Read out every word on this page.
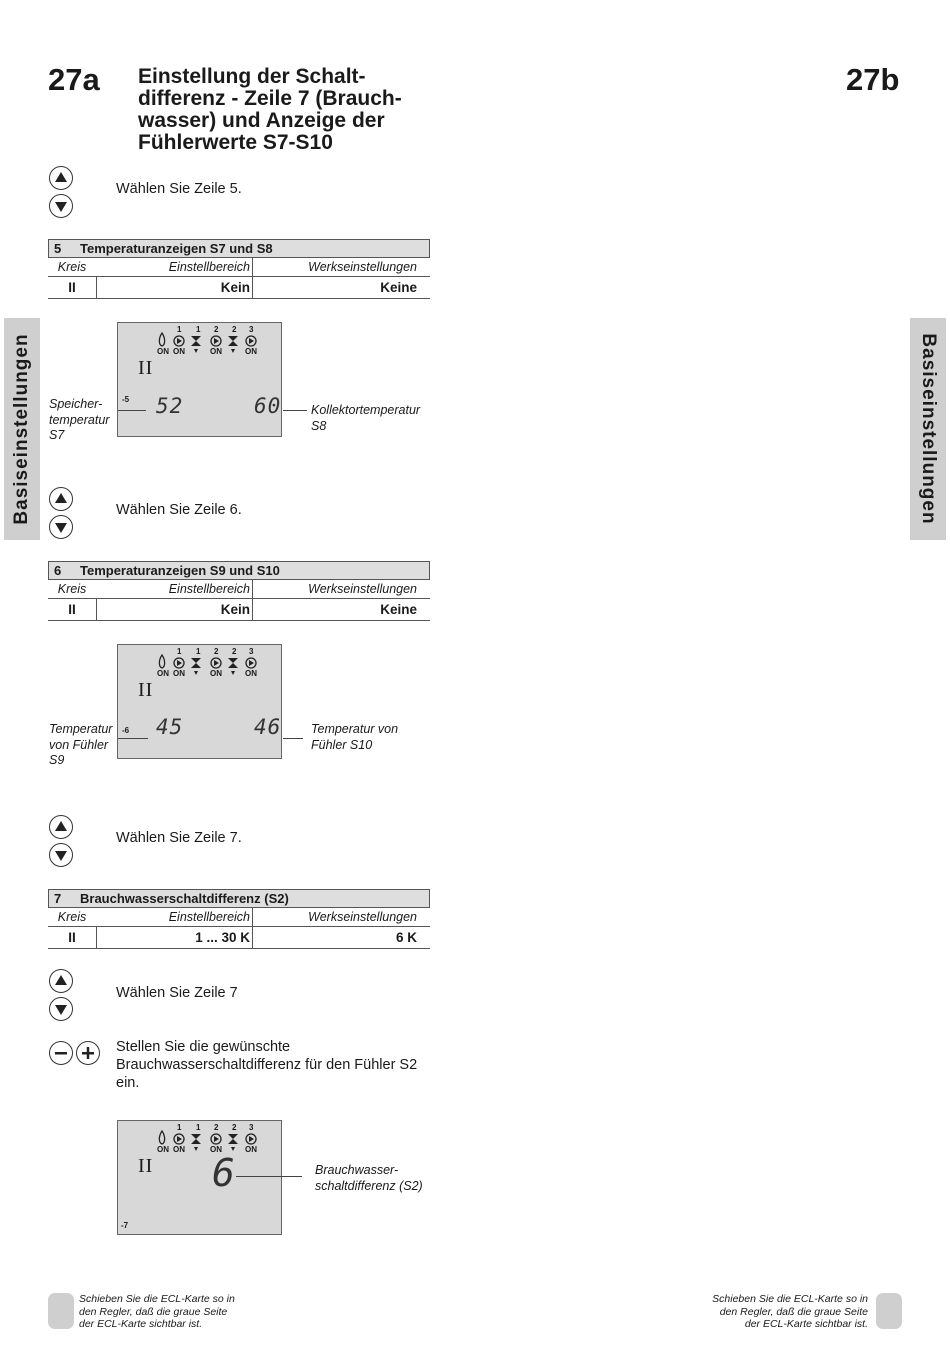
27a	27b
Einstellung der Schalt-
differenz - Zeile 7 (Brauch-
wasser) und Anzeige der
Fühlerwerte S7-S10
Basiseinstellungen	Basiseinstellungen
Wählen Sie Zeile 5.
5 Temperaturanzeigen S7 und S8
Kreis	Einstellbereich	Werkseinstellungen
II	Kein	Keine
1 1 2 2 3
ON ON	ON	ON
II
-5 52	60
Speicher-
temperatur
S7
Kollektortemperatur
S8
Wählen Sie Zeile 6.
6 Temperaturanzeigen S9 und S10
Kreis	Einstellbereich	Werkseinstellungen
II	Kein	Keine
1 1 2 2 3
ON ON	ON	ON
II
-6 45	46
Temperatur
von Fühler
S9
Temperatur von
Fühler S10
Wählen Sie Zeile 7.
7 Brauchwasserschaltdifferenz (S2)
Kreis	Einstellbereich	Werkseinstellungen
II	1 ... 30 K	6 K
Wählen Sie Zeile 7
Stellen Sie die gewünschte
Brauchwasserschaltdifferenz für den Fühler S2
ein.
1 1 2 2 3
ON ON	ON	ON
II 6
-7
Brauchwasser-
schaltdifferenz (S2)
Schieben Sie die ECL-Karte so in
den Regler, daß die graue Seite
der ECL-Karte sichtbar ist.
Schieben Sie die ECL-Karte so in
den Regler, daß die graue Seite
der ECL-Karte sichtbar ist.
